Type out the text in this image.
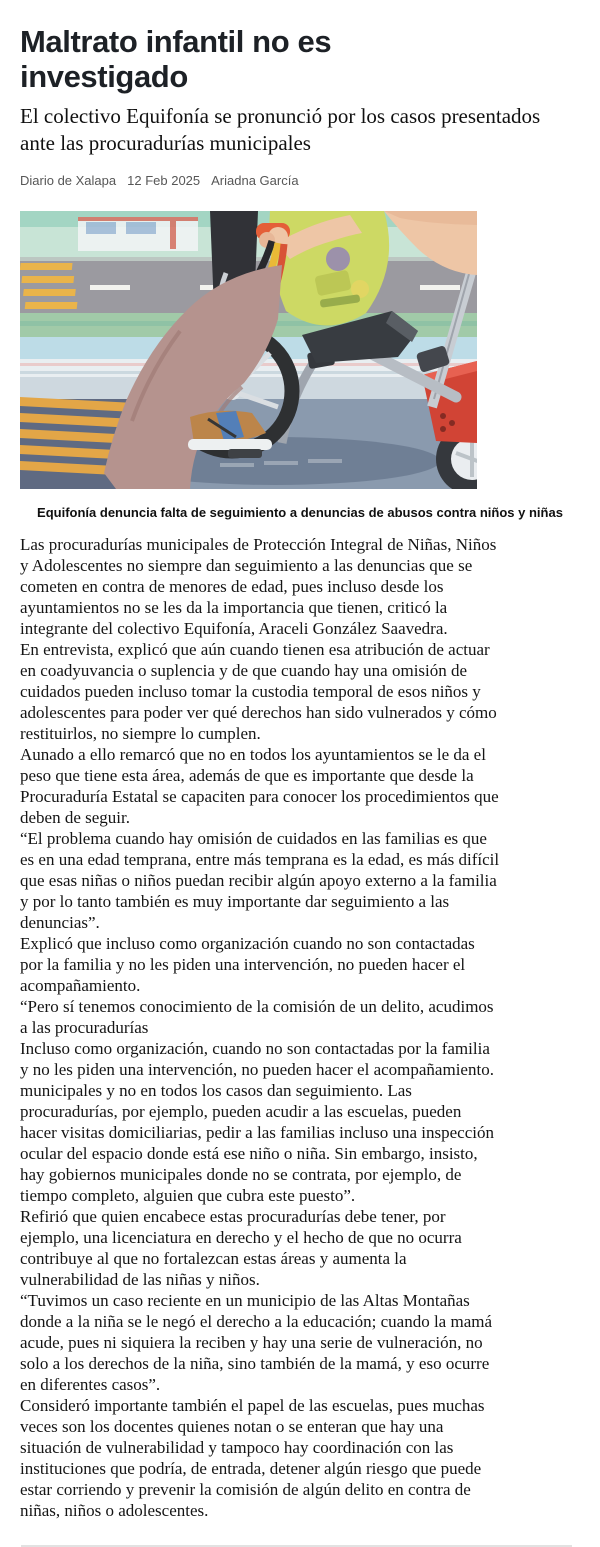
Maltrato infantil no es investigado
El colectivo Equifonía se pronunció por los casos presentados ante las procuradurías municipales
Diario de Xalapa 12 Feb 2025 Ariadna García
Equifonía denuncia falta de seguimiento a denuncias de abusos contra niños y niñas

Las procuradurías municipales de Protección Integral de Niñas, Niños y Adolescentes no siempre dan seguimiento a las denuncias que se cometen en contra de menores de edad, pues incluso desde los ayuntamientos no se les da la importancia que tienen, criticó la integrante del colectivo Equifonía, Araceli González Saavedra.

En entrevista, explicó que aún cuando tienen esa atribución de actuar en coadyuvancia o suplencia y de que cuando hay una omisión de cuidados pueden incluso tomar la custodia temporal de esos niños y adolescentes para poder ver qué derechos han sido vulnerados y cómo restituirlos, no siempre lo cumplen.

Aunado a ello remarcó que no en todos los ayuntamientos se le da el peso que tiene esta área, además de que es importante que desde la Procuraduría Estatal se capaciten para conocer los procedimientos que deben de seguir.

“El problema cuando hay omisión de cuidados en las familias es que es en una edad temprana, entre más temprana es la edad, es más difícil que esas niñas o niños puedan recibir algún apoyo externo a la familia y por lo tanto también es muy importante dar seguimiento a las denuncias”.

Explicó que incluso como organización cuando no son contactadas por la familia y no les piden una intervención, no pueden hacer el acompañamiento.

“Pero sí tenemos conocimiento de la comisión de un delito, acudimos a las procuradurías

Incluso como organización, cuando no son contactadas por la familia y no les piden una intervención, no pueden hacer el acompañamiento.

municipales y no en todos los casos dan seguimiento. Las procuradurías, por ejemplo, pueden acudir a las escuelas, pueden hacer visitas domiciliarias, pedir a las familias incluso una inspección ocular del espacio donde está ese niño o niña. Sin embargo, insisto, hay gobiernos municipales donde no se contrata, por ejemplo, de tiempo completo, alguien que cubra este puesto”.

Refirió que quien encabece estas procuradurías debe tener, por ejemplo, una licenciatura en derecho y el hecho de que no ocurra contribuye al que no fortalezcan estas áreas y aumenta la vulnerabilidad de las niñas y niños.

“Tuvimos un caso reciente en un municipio de las Altas Montañas donde a la niña se le negó el derecho a la educación; cuando la mamá acude, pues ni siquiera la reciben y hay una serie de vulneración, no solo a los derechos de la niña, sino también de la mamá, y eso ocurre en diferentes casos”.

Consideró importante también el papel de las escuelas, pues muchas veces son los docentes quienes notan o se enteran que hay una situación de vulnerabilidad y tampoco hay coordinación con las instituciones que podría, de entrada, detener algún riesgo que puede estar corriendo y prevenir la comisión de algún delito en contra de niñas, niños o adolescentes.
